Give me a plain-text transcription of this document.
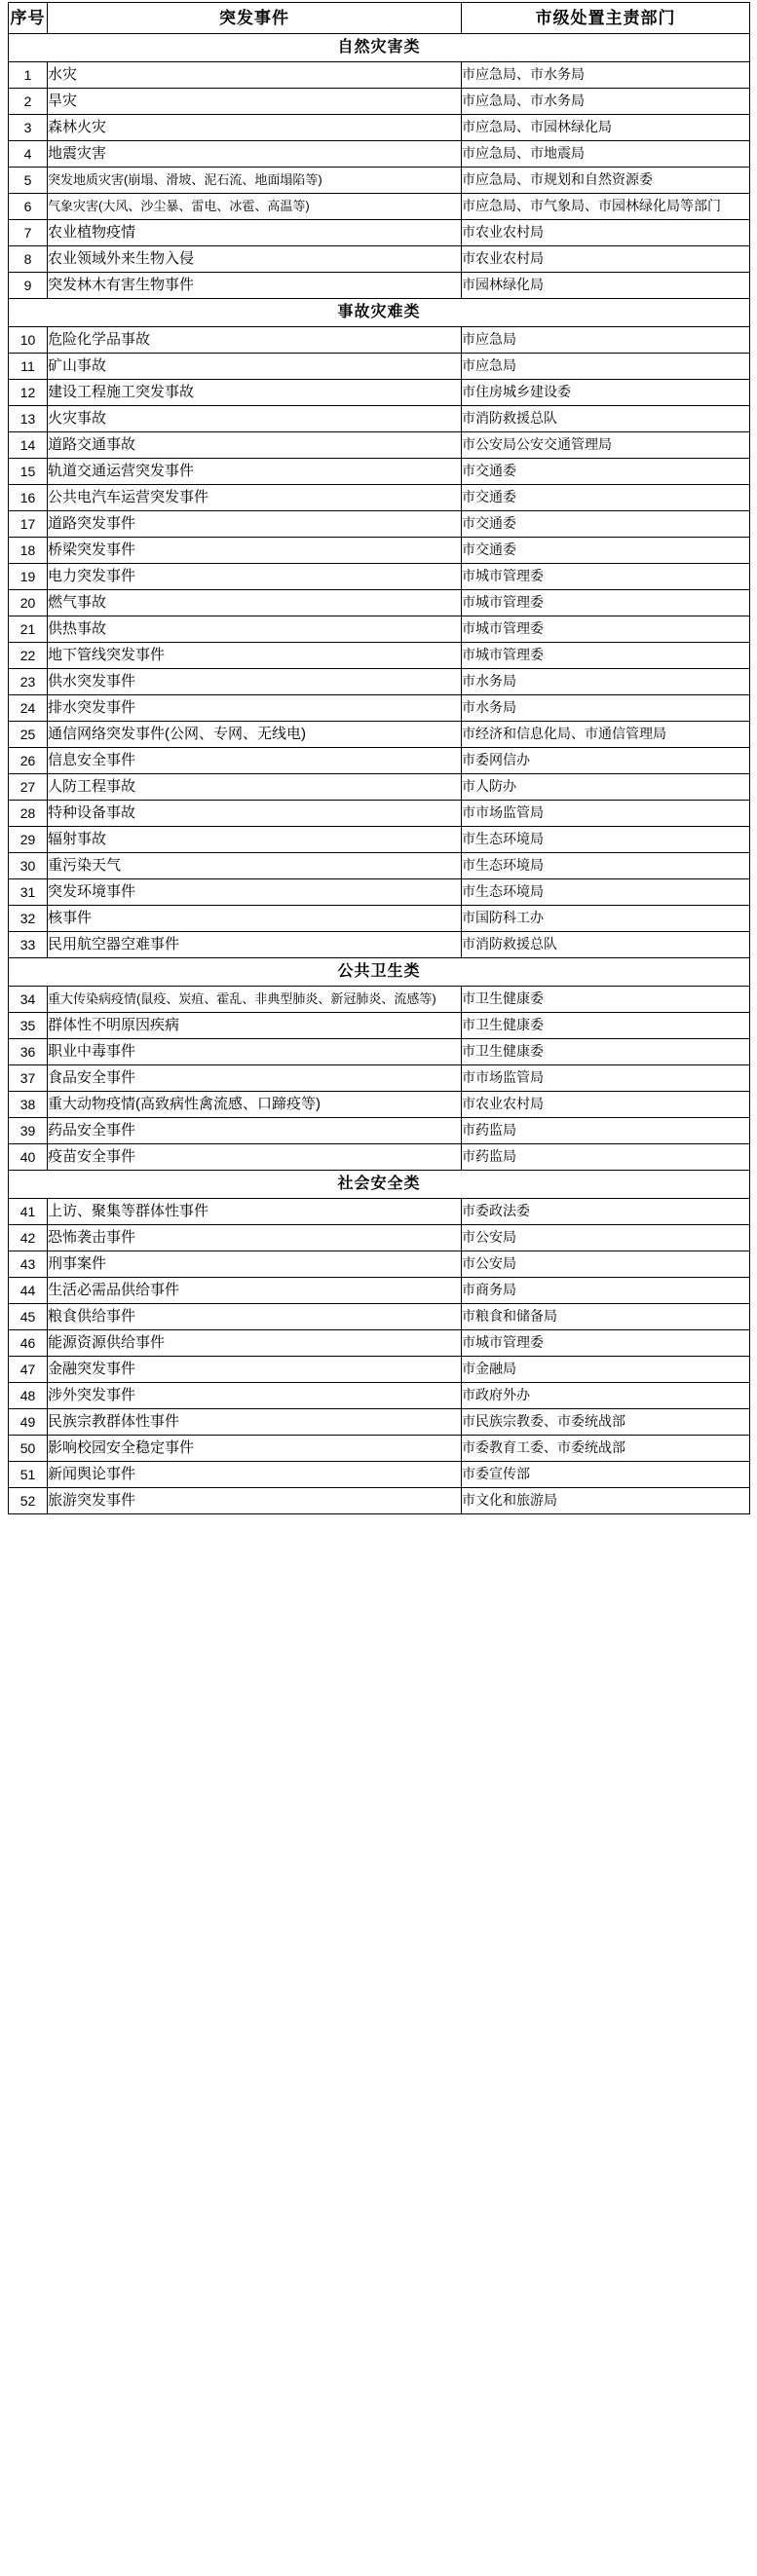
序号	突发事件	市级处置主责部门
自然灾害类		
1	水灾	市应急局、市水务局
2	旱灾	市应急局、市水务局
3	森林火灾	市应急局、市园林绿化局
4	地震灾害	市应急局、市地震局
5	突发地质灾害(崩塌、滑坡、泥石流、地面塌陷等)	市应急局、市规划和自然资源委
6	气象灾害(大风、沙尘暴、雷电、冰雹、高温等)	市应急局、市气象局、市园林绿化局等部门
7	农业植物疫情	市农业农村局
8	农业领域外来生物入侵	市农业农村局
9	突发林木有害生物事件	市园林绿化局
事故灾难类		
10	危险化学品事故	市应急局
11	矿山事故	市应急局
12	建设工程施工突发事故	市住房城乡建设委
13	火灾事故	市消防救援总队
14	道路交通事故	市公安局公安交通管理局
15	轨道交通运营突发事件	市交通委
16	公共电汽车运营突发事件	市交通委
17	道路突发事件	市交通委
18	桥梁突发事件	市交通委
19	电力突发事件	市城市管理委
20	燃气事故	市城市管理委
21	供热事故	市城市管理委
22	地下管线突发事件	市城市管理委
23	供水突发事件	市水务局
24	排水突发事件	市水务局
25	通信网络突发事件(公网、专网、无线电)	市经济和信息化局、市通信管理局
26	信息安全事件	市委网信办
27	人防工程事故	市人防办
28	特种设备事故	市市场监管局
29	辐射事故	市生态环境局
30	重污染天气	市生态环境局
31	突发环境事件	市生态环境局
32	核事件	市国防科工办
33	民用航空器空难事件	市消防救援总队
公共卫生类		
34	重大传染病疫情(鼠疫、炭疽、霍乱、非典型肺炎、新冠肺炎、流感等)	市卫生健康委
35	群体性不明原因疾病	市卫生健康委
36	职业中毒事件	市卫生健康委
37	食品安全事件	市市场监管局
38	重大动物疫情(高致病性禽流感、口蹄疫等)	市农业农村局
39	药品安全事件	市药监局
40	疫苗安全事件	市药监局
社会安全类		
41	上访、聚集等群体性事件	市委政法委
42	恐怖袭击事件	市公安局
43	刑事案件	市公安局
44	生活必需品供给事件	市商务局
45	粮食供给事件	市粮食和储备局
46	能源资源供给事件	市城市管理委
47	金融突发事件	市金融局
48	涉外突发事件	市政府外办
49	民族宗教群体性事件	市民族宗教委、市委统战部
50	影响校园安全稳定事件	市委教育工委、市委统战部
51	新闻舆论事件	市委宣传部
52	旅游突发事件	市文化和旅游局
